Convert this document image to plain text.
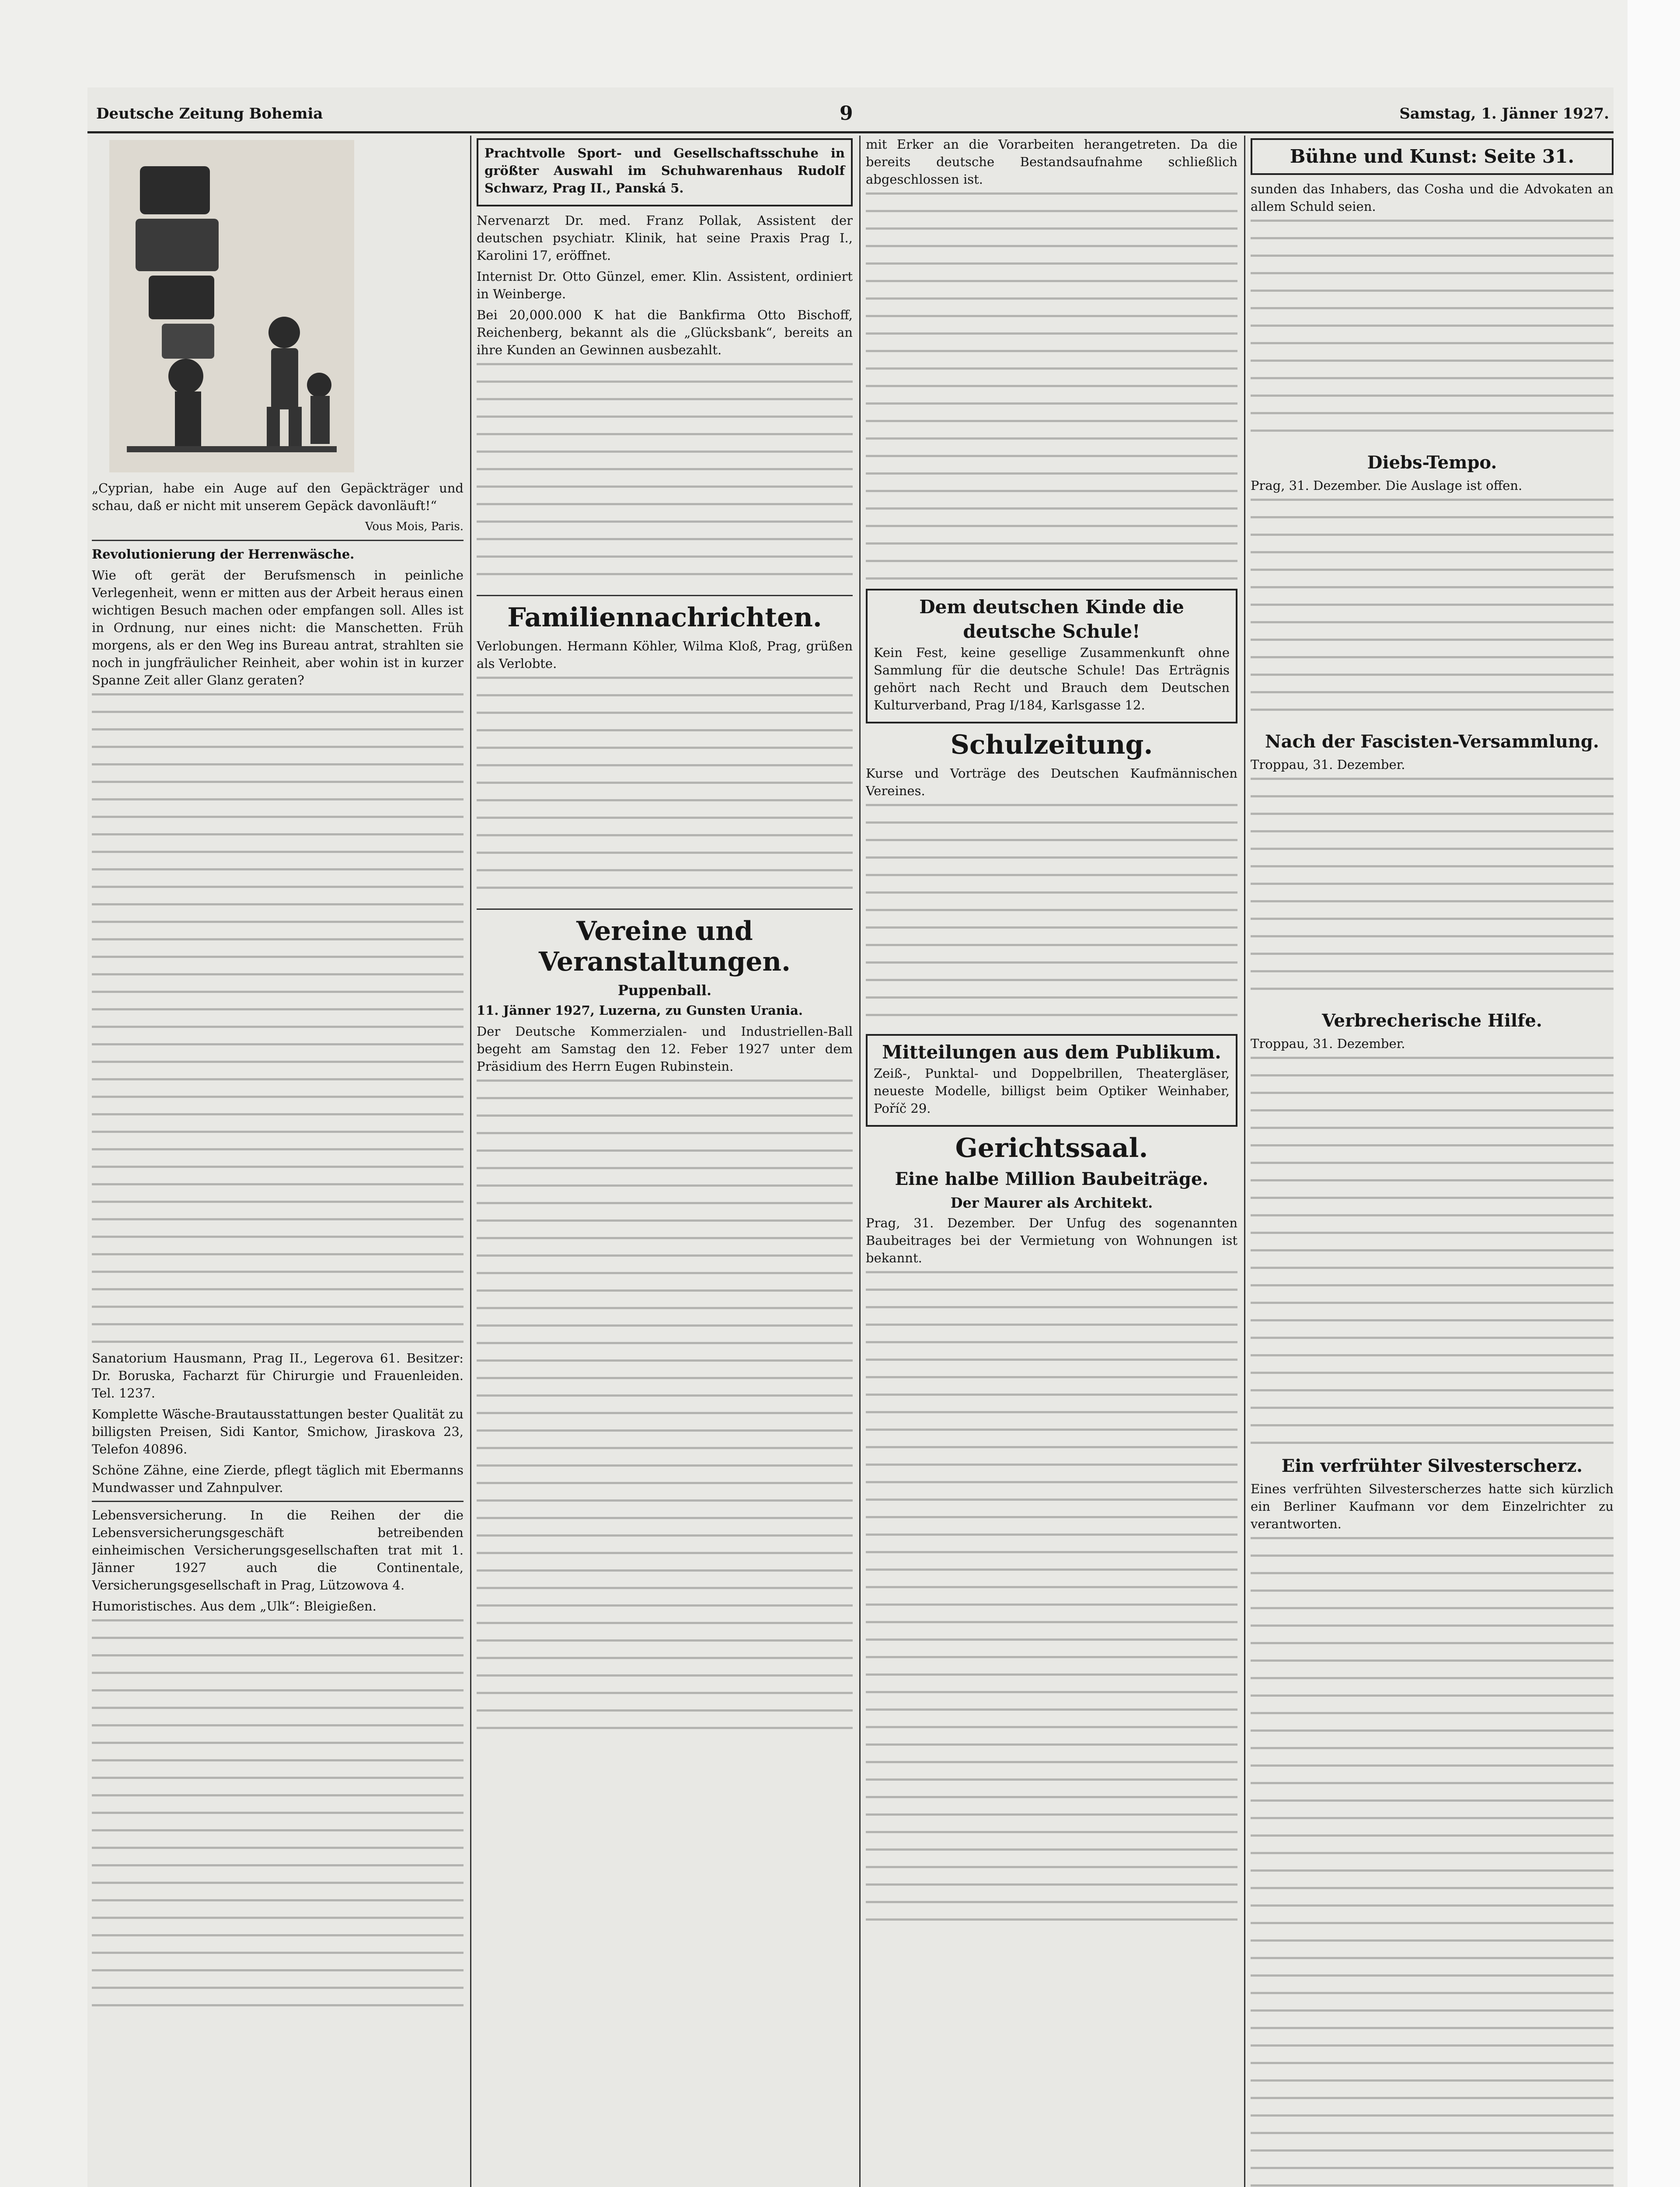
Deutsche Zeitung Bohemia	9	Samstag, 1. Jänner 1927.

„Cyprian, habe ein Auge auf den Gepäckträger und schau, daß er nicht mit unserem Gepäck davonläuft!“

Vous Mois, Paris.

Revolutionierung der Herrenwäsche.

Wie oft gerät der Berufsmensch in peinliche Verlegenheit, wenn er mitten aus der Arbeit heraus einen wichtigen Besuch machen oder empfangen soll. Alles ist in Ordnung, nur eines nicht: die Manschetten. Früh morgens, als er den Weg ins Bureau antrat, strahlten sie noch in jungfräulicher Reinheit, aber wohin ist in kurzer Spanne Zeit aller Glanz geraten?

Sanatorium Hausmann, Prag II., Legerova 61. Besitzer: Dr. Boruska, Facharzt für Chirurgie und Frauenleiden. Tel. 1237.

Komplette Wäsche-Brautausstattungen bester Qualität zu billigsten Preisen, Sidi Kantor, Smichow, Jiraskova 23, Telefon 40896.

Schöne Zähne, eine Zierde, pflegt täglich mit Ebermanns Mundwasser und Zahnpulver.

Lebensversicherung. In die Reihen der die Lebensversicherungsgeschäft betreibenden einheimischen Versicherungsgesellschaften trat mit 1. Jänner 1927 auch die Continentale, Versicherungsgesellschaft in Prag, Lützowova 4.

Humoristisches. Aus dem „Ulk“: Bleigießen.

Prachtvolle Sport- und Gesellschaftsschuhe in größter Auswahl im Schuhwarenhaus Rudolf Schwarz, Prag II., Panská 5.

Nervenarzt Dr. med. Franz Pollak, Assistent der deutschen psychiatr. Klinik, hat seine Praxis Prag I., Karolini 17, eröffnet.

Internist Dr. Otto Günzel, emer. Klin. Assistent, ordiniert in Weinberge.

Bei 20,000.000 K hat die Bankfirma Otto Bischoff, Reichenberg, bekannt als die „Glücksbank“, bereits an ihre Kunden an Gewinnen ausbezahlt.

Familiennachrichten.

Verlobungen. Hermann Köhler, Wilma Kloß, Prag, grüßen als Verlobte.

Vereine und Veranstaltungen.
Puppenball.

11. Jänner 1927, Luzerna, zu Gunsten Urania.

Der Deutsche Kommerzialen- und Industriellen-Ball begeht am Samstag den 12. Feber 1927 unter dem Präsidium des Herrn Eugen Rubinstein.

mit Erker an die Vorarbeiten herangetreten. Da die bereits deutsche Bestandsaufnahme schließlich abgeschlossen ist.

Dem deutschen Kinde die deutsche Schule!

Kein Fest, keine gesellige Zusammenkunft ohne Sammlung für die deutsche Schule! Das Erträgnis gehört nach Recht und Brauch dem Deutschen Kulturverband, Prag I/184, Karlsgasse 12.

Schulzeitung.

Kurse und Vorträge des Deutschen Kaufmännischen Vereines.

Mitteilungen aus dem Publikum.

Zeiß-, Punktal- und Doppelbrillen, Theatergläser, neueste Modelle, billigst beim Optiker Weinhaber, Poříč 29.

Gerichtssaal.
Eine halbe Million Baubeiträge.
Der Maurer als Architekt.

Prag, 31. Dezember. Der Unfug des sogenannten Baubeitrages bei der Vermietung von Wohnungen ist bekannt.

Bühne und Kunst: Seite 31.

sunden das Inhabers, das Cosha und die Advokaten an allem Schuld seien.

Diebs-Tempo.

Prag, 31. Dezember. Die Auslage ist offen.

Nach der Fascisten-Versammlung.

Troppau, 31. Dezember.

Verbrecherische Hilfe.

Troppau, 31. Dezember.

Ein verfrühter Silvesterscherz.

Eines verfrühten Silvesterscherzes hatte sich kürzlich ein Berliner Kaufmann vor dem Einzelrichter zu verantworten.
